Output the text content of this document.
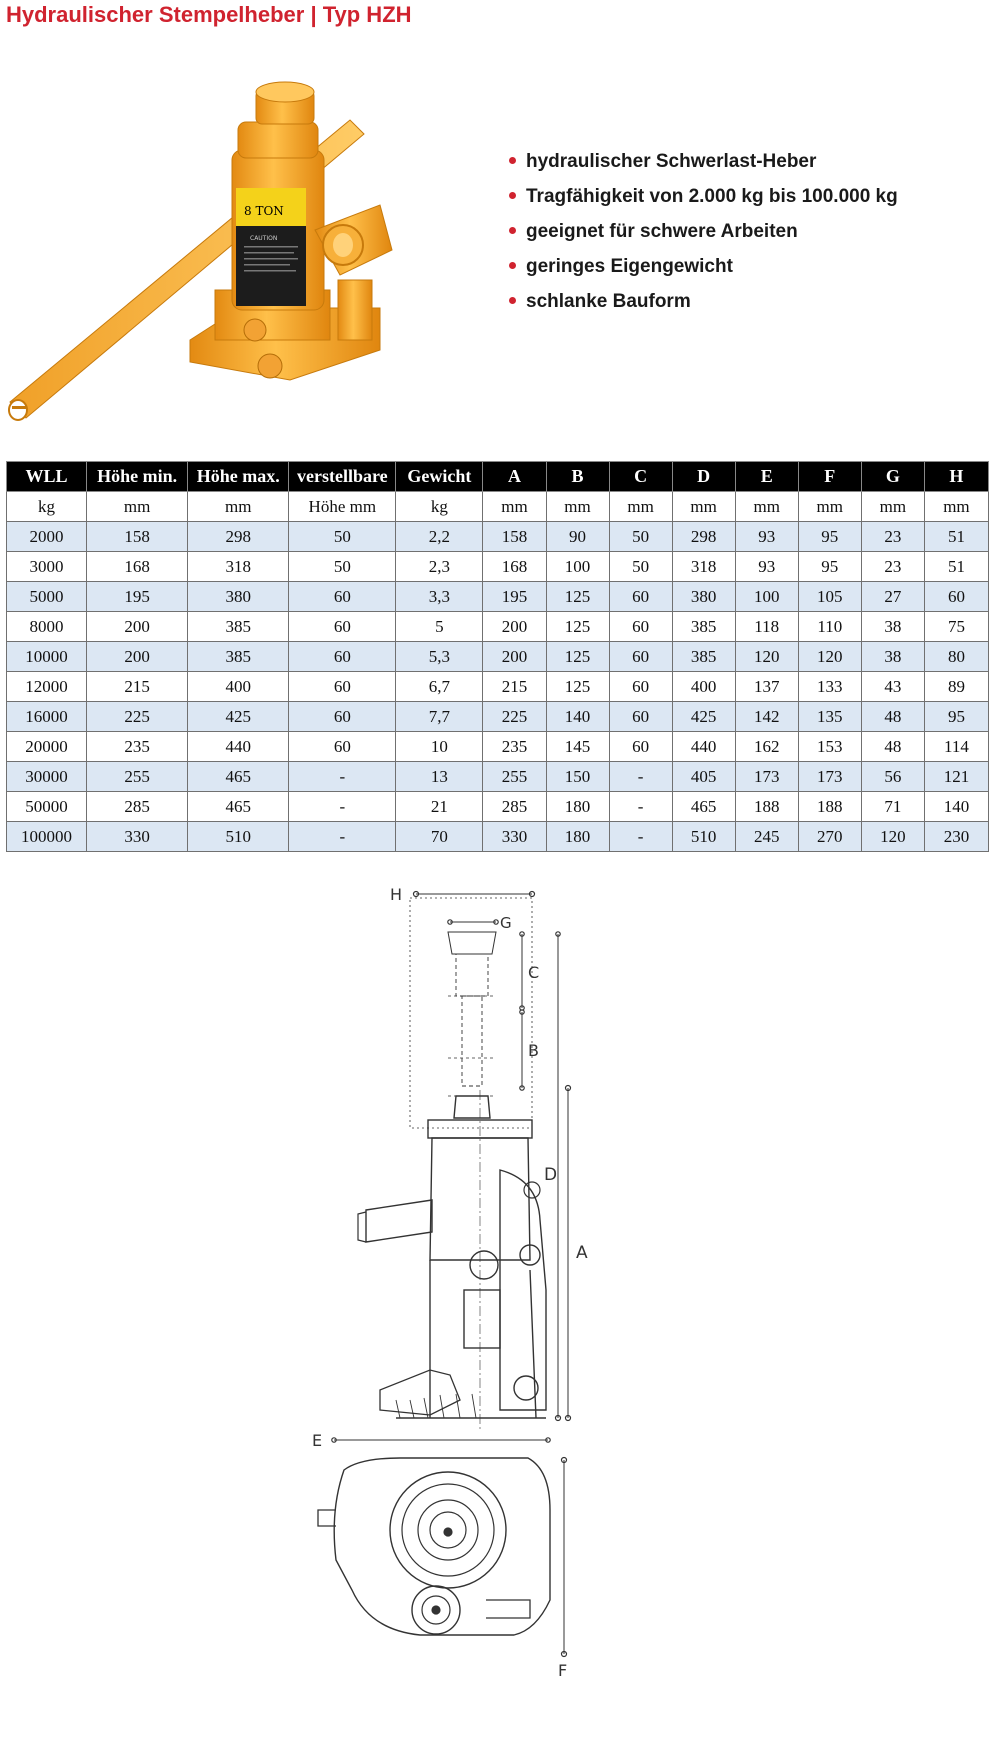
Hydraulischer Stempelheber | Typ HZH
8 TON
CAUTION
hydraulischer Schwerlast-Heber
Tragfähigkeit von 2.000 kg bis 100.000 kg
geeignet für schwere Arbeiten
geringes Eigengewicht
schlanke Bauform
WLL	Höhe min.	Höhe max.	verstellbare	Gewicht	A	B	C	D	E	F	G	H
kg	mm	mm	Höhe mm	kg	mm	mm	mm	mm	mm	mm	mm	mm
2000	158	298	50	2,2	158	90	50	298	93	95	23	51
3000	168	318	50	2,3	168	100	50	318	93	95	23	51
5000	195	380	60	3,3	195	125	60	380	100	105	27	60
8000	200	385	60	5	200	125	60	385	118	110	38	75
10000	200	385	60	5,3	200	125	60	385	120	120	38	80
12000	215	400	60	6,7	215	125	60	400	137	133	43	89
16000	225	425	60	7,7	225	140	60	425	142	135	48	95
20000	235	440	60	10	235	145	60	440	162	153	48	114
30000	255	465	-	13	255	150	-	405	173	173	56	121
50000	285	465	-	21	285	180	-	465	188	188	71	140
100000	330	510	-	70	330	180	-	510	245	270	120	230
H
G
C
B
A
D
E
F
